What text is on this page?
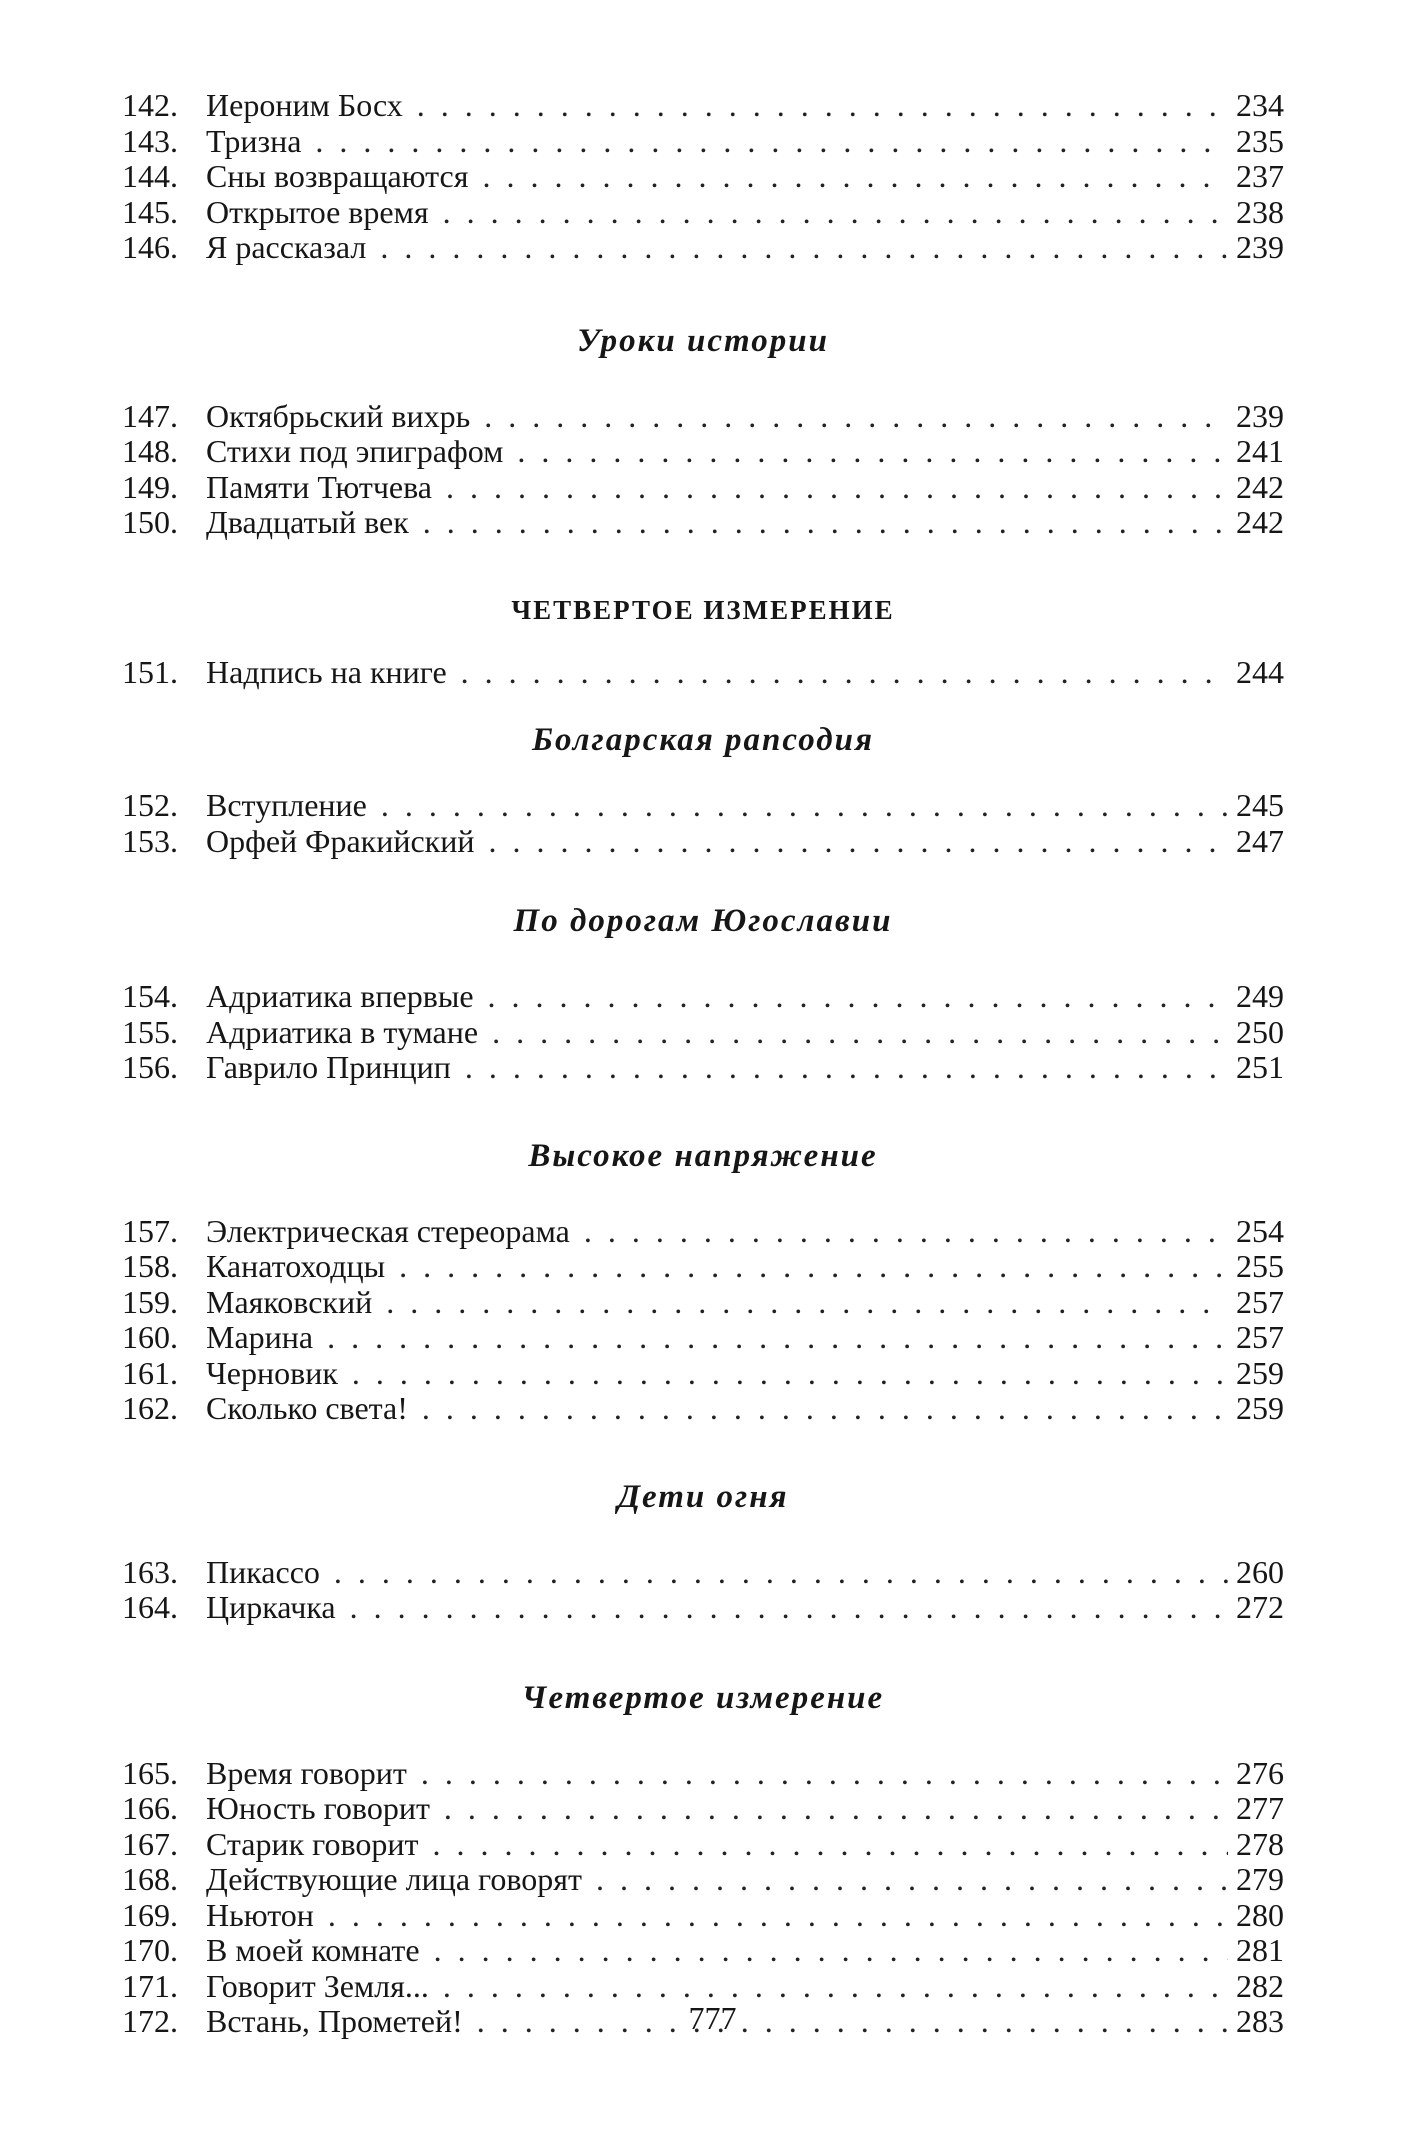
142. Иероним Босх . . .	234
143. Тризна . . .	235
144. Сны возвращаются . . .	237
145. Открытое время . . .	238
146. Я рассказал . . .	239
Уроки истории
147. Октябрьский вихрь . . .	239
148. Стихи под эпиграфом . . .	241
149. Памяти Тютчева . . .	242
150. Двадцатый век . . .	242
ЧЕТВЕРТОЕ ИЗМЕРЕНИЕ
151. Надпись на книге . . .	244
Болгарская рапсодия
152. Вступление . . .	245
153. Орфей Фракийский . . .	247
По дорогам Югославии
154. Адриатика впервые . . .	249
155. Адриатика в тумане . . .	250
156. Гаврило Принцип . . .	251
Высокое напряжение
157. Электрическая стереорама . . .	254
158. Канатоходцы . . .	255
159. Маяковский . . .	257
160. Марина . . .	257
161. Черновик . . .	259
162. Сколько света! . . .	259
Дети огня
163. Пикассо . . .	260
164. Циркачка . . .	272
Четвертое измерение
165. Время говорит . . .	276
166. Юность говорит . . .	277
167. Старик говорит . . .	278
168. Действующие лица говорят . . .	279
169. Ньютон . . .	280
170. В моей комнате . . .	281
171. Говорит Земля... . . .	282
172. Встань, Прометей! . . .	283
777
